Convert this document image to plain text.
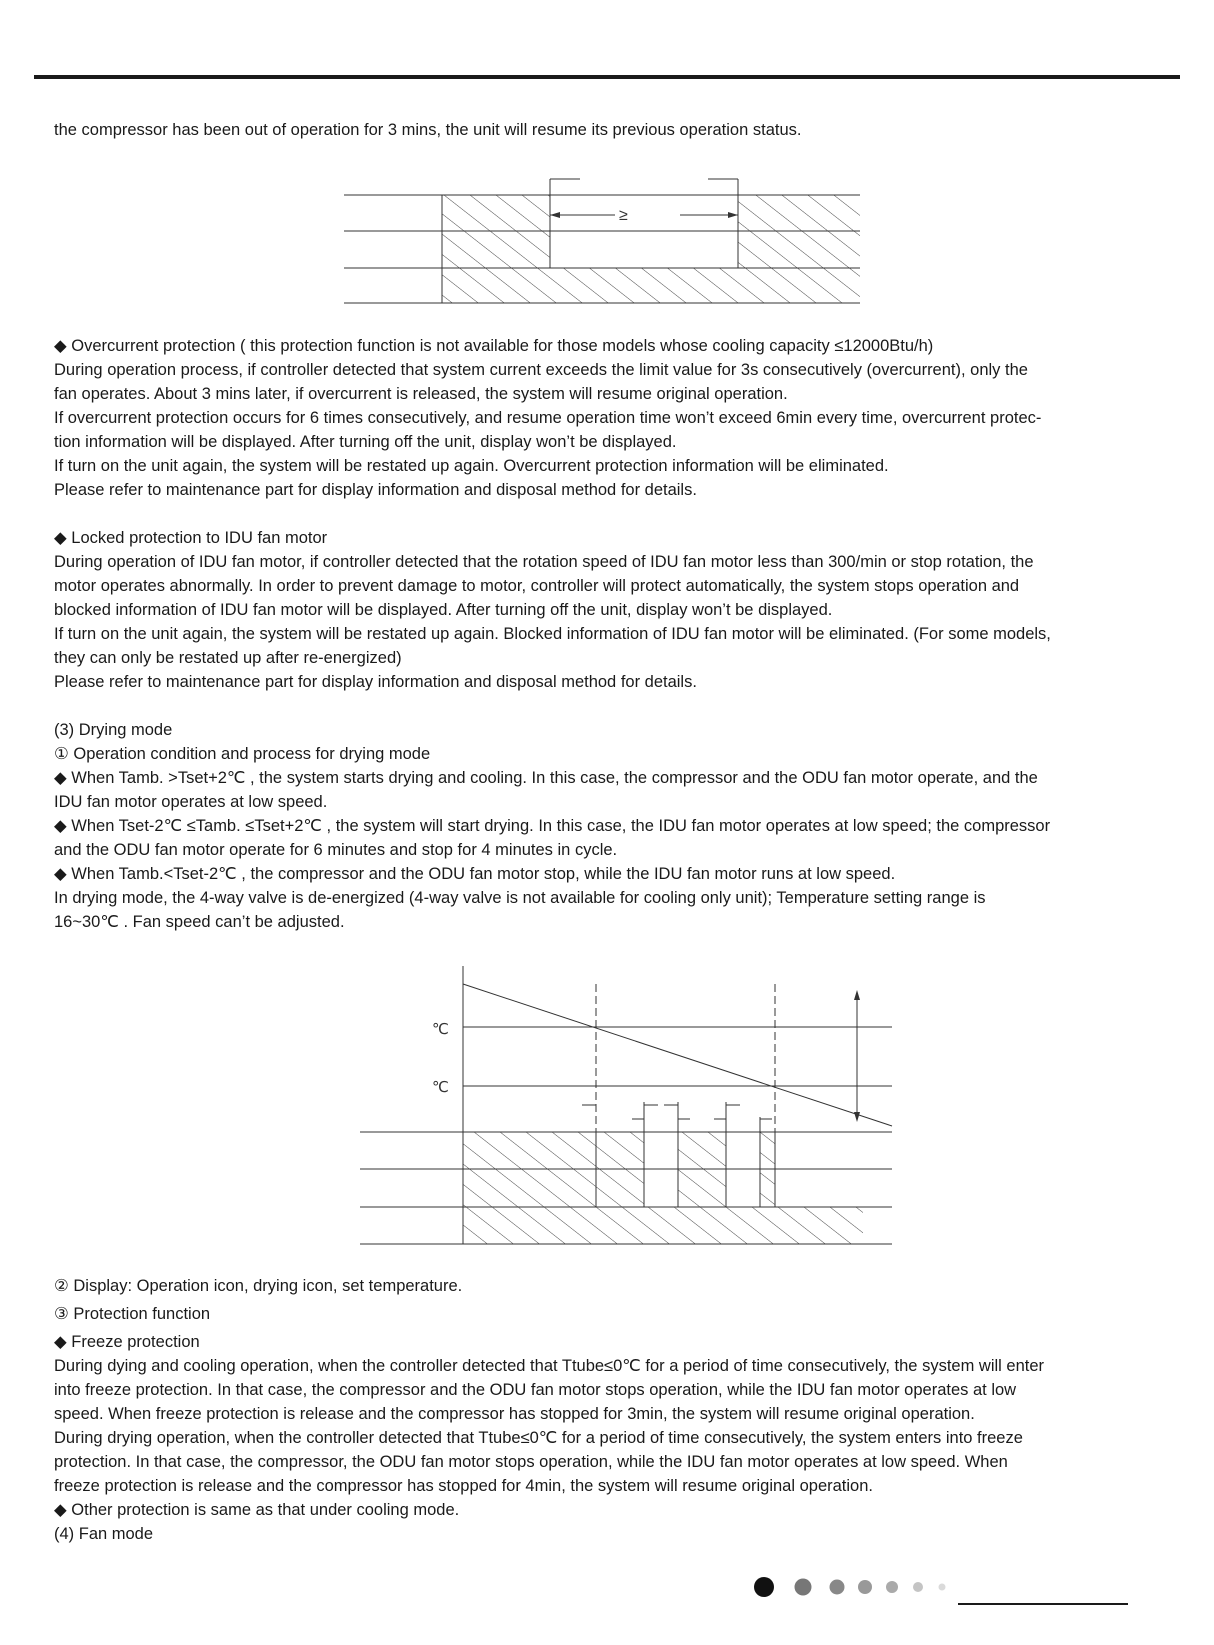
the compressor has been out of operation for 3 mins, the unit will resume its previous operation status.
≥
◆ Overcurrent protection ( this protection function is not available for those models whose cooling capacity ≤12000Btu/h)
During operation process, if controller detected that system current exceeds the limit value for 3s consecutively (overcurrent), only the
fan operates. About 3 mins later, if overcurrent is released, the system will resume original operation.
If overcurrent protection occurs for 6 times consecutively, and resume operation time won’t exceed 6min every time, overcurrent protec-
tion information will be displayed. After turning off the unit, display won’t be displayed.
If turn on the unit again, the system will be restated up again. Overcurrent protection information will be eliminated.
Please refer to maintenance part for display information and disposal method for details.
◆ Locked protection to IDU fan motor
During operation of IDU fan motor, if controller detected that the rotation speed of IDU fan motor less than 300/min or stop rotation, the
motor operates abnormally. In order to prevent damage to motor, controller will protect automatically, the system stops operation and
blocked information of IDU fan motor will be displayed. After turning off the unit, display won’t be displayed.
If turn on the unit again, the system will be restated up again. Blocked information of IDU fan motor will be eliminated. (For some models,
they can only be restated up after re-energized)
Please refer to maintenance part for display information and disposal method for details.
(3) Drying mode
① Operation condition and process for drying mode
◆ When Tamb. >Tset+2℃ , the system starts drying and cooling. In this case, the compressor and the ODU fan motor operate, and the
IDU fan motor operates at low speed.
◆ When Tset-2℃ ≤Tamb. ≤Tset+2℃ , the system will start drying. In this case, the IDU fan motor operates at low speed; the compressor
and the ODU fan motor operate for 6 minutes and stop for 4 minutes in cycle.
◆ When Tamb.<Tset-2℃ , the compressor and the ODU fan motor stop, while the IDU fan motor runs at low speed.
In drying mode, the 4-way valve is de-energized (4-way valve is not available for cooling only unit); Temperature setting range is
16~30℃ . Fan speed can’t be adjusted.
℃
℃
② Display: Operation icon, drying icon, set temperature.
③ Protection function
◆ Freeze protection
During dying and cooling operation, when the controller detected that Ttube≤0℃ for a period of time consecutively, the system will enter
into freeze protection. In that case, the compressor and the ODU fan motor stops operation, while the IDU fan motor operates at low
speed. When freeze protection is release and the compressor has stopped for 3min, the system will resume original operation.
During drying operation, when the controller detected that Ttube≤0℃ for a period of time consecutively, the system enters into freeze
protection. In that case, the compressor, the ODU fan motor stops operation, while the IDU fan motor operates at low speed. When
freeze protection is release and the compressor has stopped for 4min, the system will resume original operation.
◆ Other protection is same as that under cooling mode.
(4) Fan mode
